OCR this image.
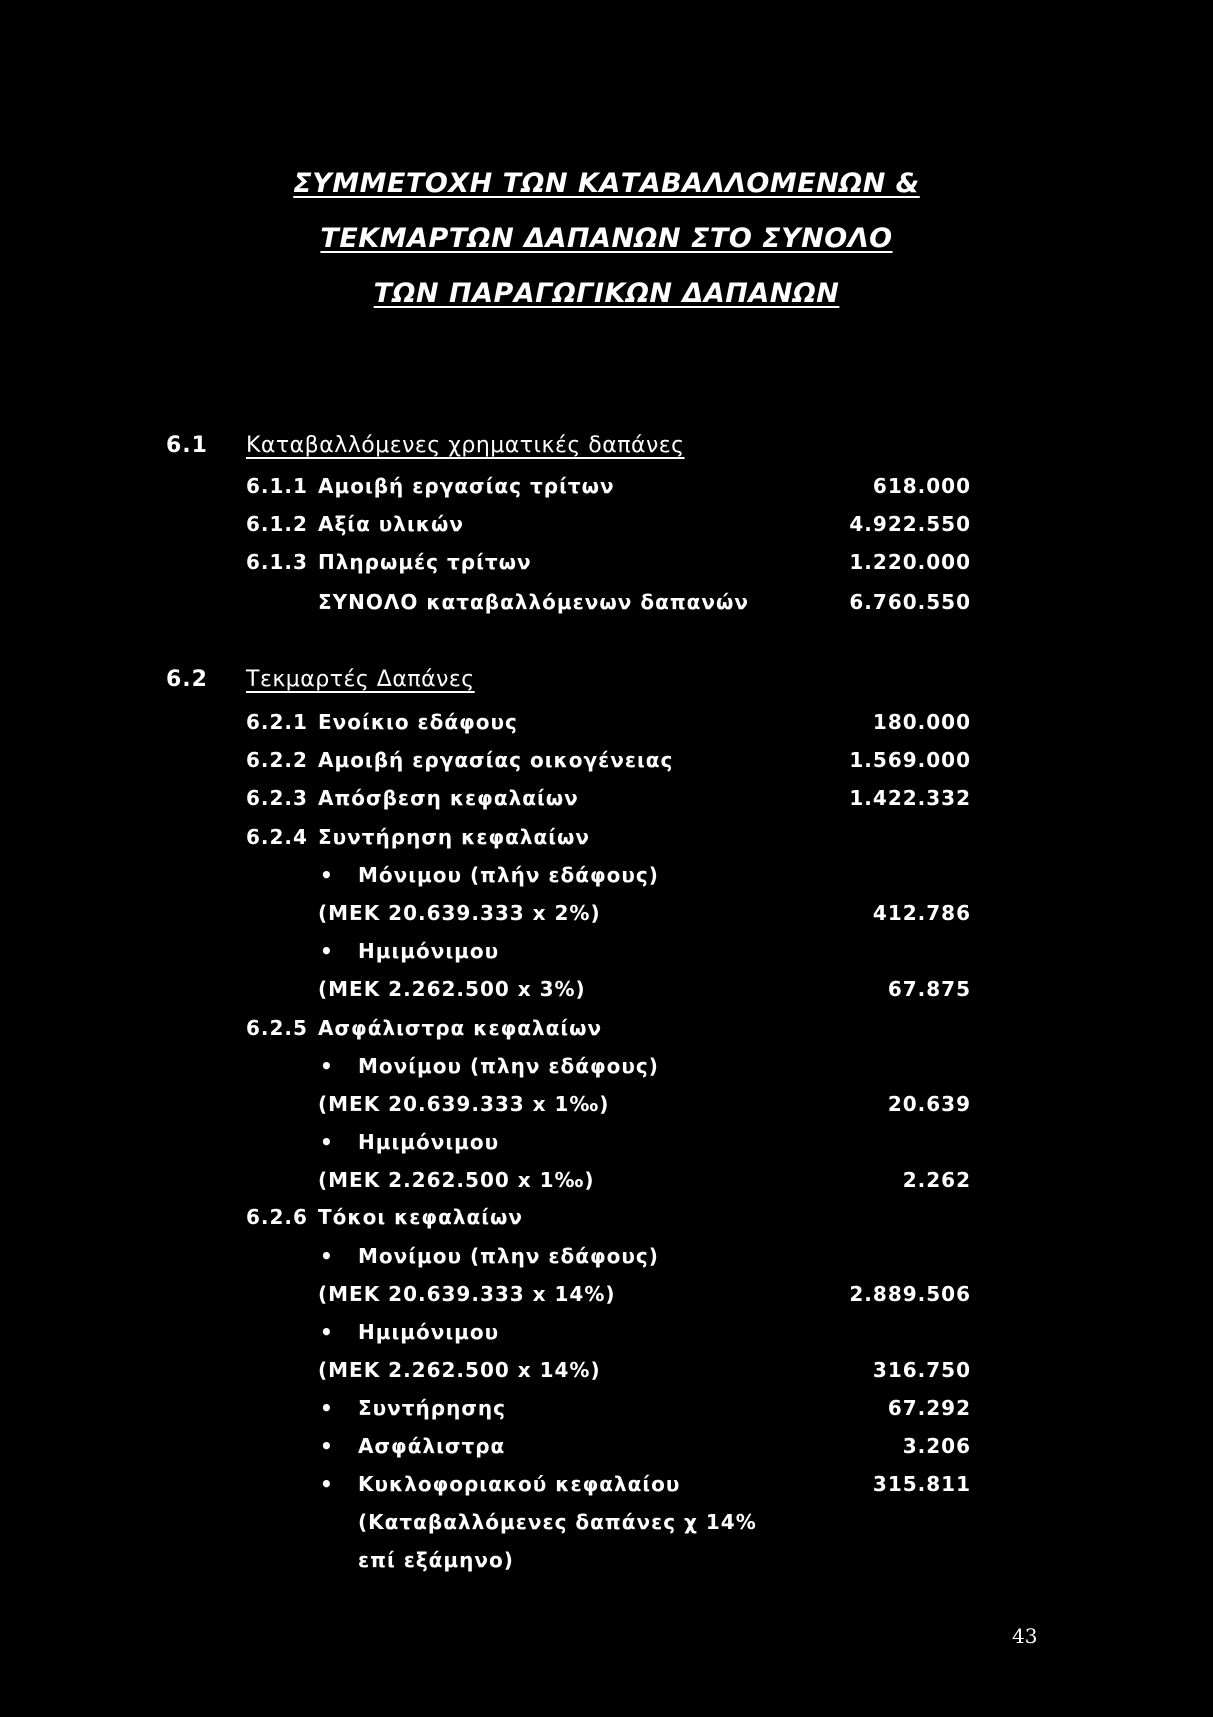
ΣΥΜΜΕΤΟΧΗ ΤΩΝ ΚΑΤΑΒΑΛΛΟΜΕΝΩΝ &
ΤΕΚΜΑΡΤΩΝ ΔΑΠΑΝΩΝ ΣΤΟ ΣΥΝΟΛΟ
ΤΩΝ ΠΑΡΑΓΩΓΙΚΩΝ ΔΑΠΑΝΩΝ
6.1 Καταβαλλόμενες χρηματικές δαπάνες
6.1.1 Αμοιβή εργασίας τρίτων	618.000
6.1.2 Αξία υλικών	4.922.550
6.1.3 Πληρωμές τρίτων	1.220.000
ΣΥΝΟΛΟ καταβαλλόμενων δαπανών	6.760.550
6.2 Τεκμαρτές Δαπάνες
6.2.1 Ενοίκιο εδάφους	180.000
6.2.2 Αμοιβή εργασίας οικογένειας	1.569.000
6.2.3 Απόσβεση κεφαλαίων	1.422.332
6.2.4 Συντήρηση κεφαλαίων
• Μόνιμου (πλήν εδάφους)
(ΜΕΚ 20.639.333 x 2%)	412.786
• Ημιμόνιμου
(ΜΕΚ 2.262.500 x 3%)	67.875
6.2.5 Ασφάλιστρα κεφαλαίων
• Μονίμου (πλην εδάφους)
(ΜΕΚ 20.639.333 x 1‰)	20.639
• Ημιμόνιμου
(ΜΕΚ 2.262.500 x 1‰)	2.262
6.2.6 Τόκοι κεφαλαίων
• Μονίμου (πλην εδάφους)
(ΜΕΚ 20.639.333 x 14%)	2.889.506
• Ημιμόνιμου
(ΜΕΚ 2.262.500 x 14%)	316.750
• Συντήρησης	67.292
• Ασφάλιστρα	3.206
• Κυκλοφοριακού κεφαλαίου	315.811
(Καταβαλλόμενες δαπάνες χ 14%
επί εξάμηνο)
43
